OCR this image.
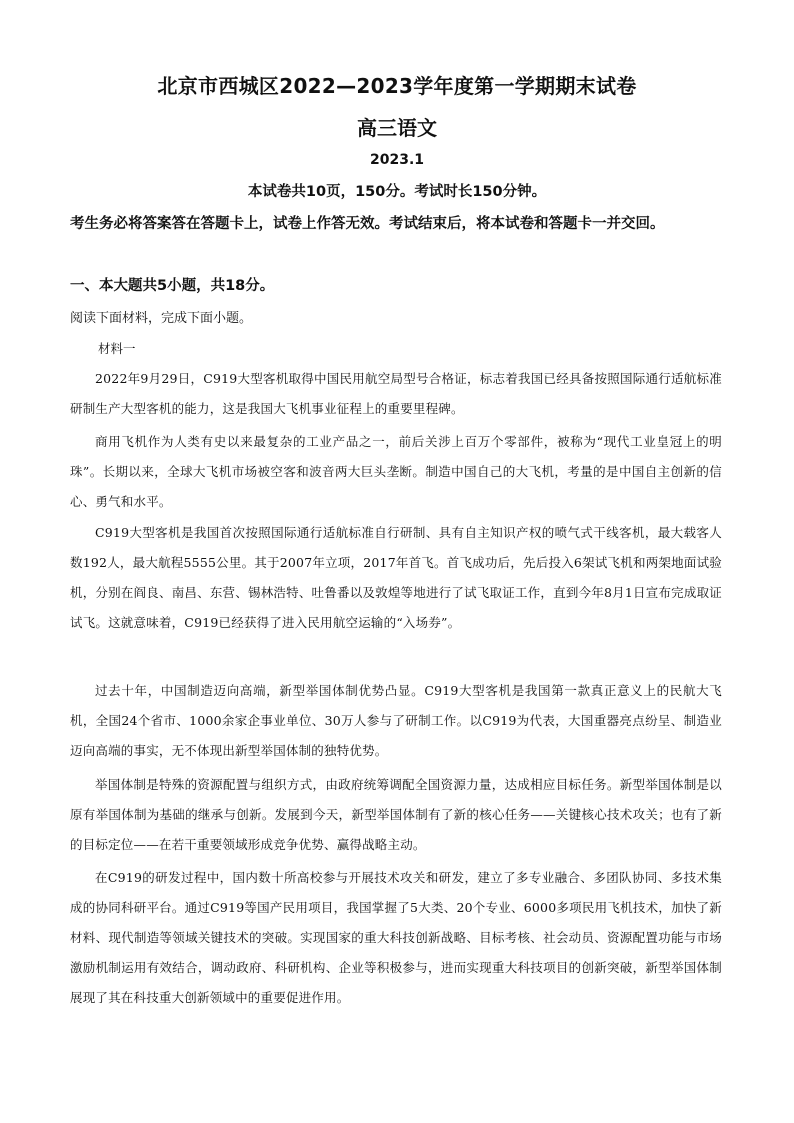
北京市西城区2022—2023学年度第一学期期末试卷
高三语文
2023.1
本试卷共10页，150分。考试时长150分钟。
考生务必将答案答在答题卡上，试卷上作答无效。考试结束后，将本试卷和答题卡一并交回。
一、本大题共5小题，共18分。
阅读下面材料，完成下面小题。
材料一
2022年9月29日，C919大型客机取得中国民用航空局型号合格证，标志着我国已经具备按照国际通行适航标准研制生产大型客机的能力，这是我国大飞机事业征程上的重要里程碑。
商用飞机作为人类有史以来最复杂的工业产品之一，前后关涉上百万个零部件，被称为“现代工业皇冠上的明珠”。长期以来，全球大飞机市场被空客和波音两大巨头垄断。制造中国自己的大飞机，考量的是中国自主创新的信心、勇气和水平。
C919大型客机是我国首次按照国际通行适航标准自行研制、具有自主知识产权的喷气式干线客机，最大载客人数192人，最大航程5555公里。其于2007年立项，2017年首飞。首飞成功后，先后投入6架试飞机和两架地面试验机，分别在阎良、南昌、东营、锡林浩特、吐鲁番以及敦煌等地进行了试飞取证工作，直到今年8月1日宣布完成取证试飞。这就意味着，C919已经获得了进入民用航空运输的“入场券”。
过去十年，中国制造迈向高端，新型举国体制优势凸显。C919大型客机是我国第一款真正意义上的民航大飞机，全国24个省市、1000余家企事业单位、30万人参与了研制工作。以C919为代表，大国重器亮点纷呈、制造业迈向高端的事实，无不体现出新型举国体制的独特优势。
举国体制是特殊的资源配置与组织方式，由政府统筹调配全国资源力量，达成相应目标任务。新型举国体制是以原有举国体制为基础的继承与创新。发展到今天，新型举国体制有了新的核心任务——关键核心技术攻关；也有了新的目标定位——在若干重要领域形成竞争优势、赢得战略主动。
在C919的研发过程中，国内数十所高校参与开展技术攻关和研发，建立了多专业融合、多团队协同、多技术集成的协同科研平台。通过C919等国产民用项目，我国掌握了5大类、20个专业、6000多项民用飞机技术，加快了新材料、现代制造等领域关键技术的突破。实现国家的重大科技创新战略、目标考核、社会动员、资源配置功能与市场激励机制运用有效结合，调动政府、科研机构、企业等积极参与，进而实现重大科技项目的创新突破，新型举国体制展现了其在科技重大创新领域中的重要促进作用。
